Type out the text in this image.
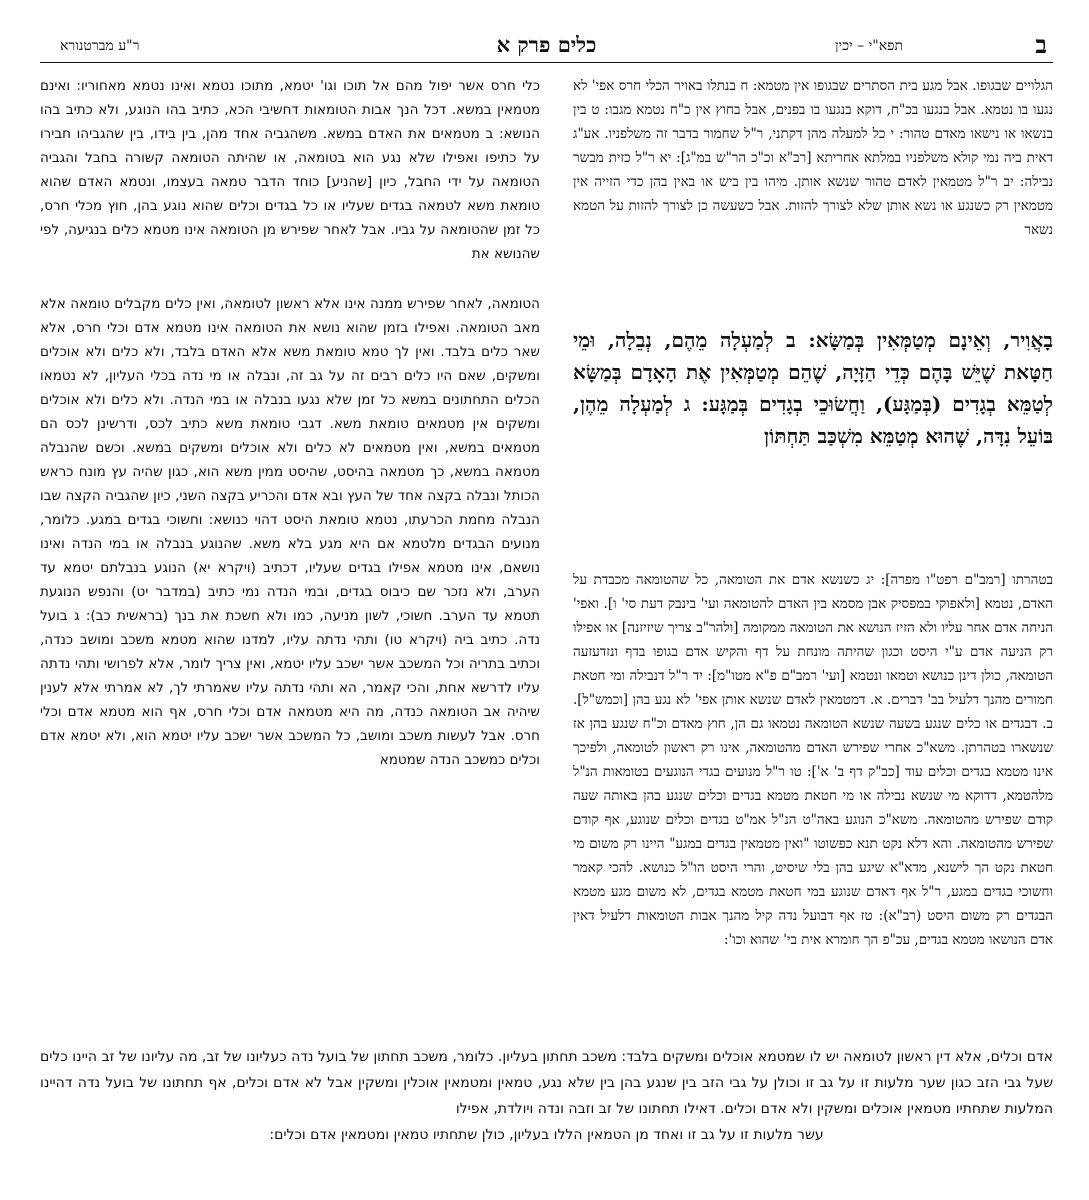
ב
תפא"י – יכין
כלים פרק א
ר"ע מברטנורא
הגלויים שבגופו. אבל מגע בית הסתרים שבגופו אין מטמא: ח בנתלו באויר הכלי חרס אפי' לא נגעו בו נטמא. אבל בנגעו בכ"ח, דוקא בנגעו בו בפנים, אבל בחוץ אין כ"ח נטמא מגבו: ט בין בנשאו או נישאו מאדם טהור: י כל למעלה מהן דקתני, ר"ל שחמור בדבר זה משלפניו. אע"ג דאית ביה נמי קולא משלפניו במלתא אחריתא [רב"א וכ"כ הר"ש במ"ג]: יא ר"ל כזית מבשר נבילה: יב ר"ל מטמאין לאדם טהור שנשא אותן. מיהו בין ביש או באין בהן כדי הזייה אין מטמאין רק כשנגע או נשא אותן שלא לצורך להזות. אבל כשעשה כן לצורך להזות על הטמא נשאר
בָאֲוִיר, וְאֵינָם מְטַמְּאִין בְּמַשָּׂא: ב לְמַעְלָה מֵהֶם, נְבֵלָה, וּמֵי חַטָּאת שֶׁיֵּשׁ בָּהֶם כְּדֵי הַזָּיָה, שֶׁהֵם מְטַמְּאִין אֶת הָאָדָם בְּמַשָּׂא לְטַמֵּא בְגָדִים (בְּמַגָּע), וַחֲשׂוּכֵי בְגָדִים בְּמַגָּע: ג לְמַעְלָה מֵהֶן, בּוֹעֵל נִדָּה, שֶׁהוּא מְטַמֵּא מִשְׁכַּב תַּחְתּוֹן
בטהרתו [רמב"ם רפט"ו מפרה]: יג כשנשא אדם את הטומאה, כל שהטומאה מכבדת על האדם, נטמא [ולאפוקי במפסיק אבן מסמא בין האדם להטומאה ועי' בינבק דעת סי' ו]. ואפי' הניחה אדם אחר עליו ולא הזיז הנושא את הטומאה ממקומה [ולהר"ב צריך שיזיזנה] או אפילו רק הניעה אדם ע"י היסט וכגון שהיתה מונחת על דף והקיש אדם בגופו בדף ונזדעזעה הטומאה, כולן דינן כנושא וטמאו ונטמא [ועי' רמב"ם פ"א מטו"מ]: יד ר"ל דנבילה ומי חטאת חמורים מהנך דלעיל בב' דברים. א. דמטמאין לאדם שנשא אותן אפי' לא נגע בהן [וכמש"ל]. ב. דבגדים או כלים שנגע בשעה שנשא הטומאה נטמאו גם הן, חוץ מאדם וכ"ח שנגע בהן אז שנשארו בטהרתן. משא"כ אחרי שפירש האדם מהטומאה, אינו רק ראשון לטומאה, ולפיכך אינו מטמא בגדים וכלים עוד [כב"ק דף ב' א']: טו ר"ל מנועים בגדי הנוגעים בטומאות הנ"ל מלהטמא, דדוקא מי שנשא נבילה או מי חטאת מטמא בגדים וכלים שנגע בהן באותה שעה קודם שפירש מהטומאה. משא"כ הנוגע באה"ט הנ"ל אמ"ט בגדים וכלים שנוגע, אף קודם שפירש מהטומאה. והא דלא נקט תנא כפשוטו "ואין מטמאין בגדים במגע" היינו רק משום מי חטאת נקט הך לישנא, מדא"א שיגע בהן בלי שיסיט, והרי היסט הו"ל כנושא. להכי קאמר וחשוכי בגדים במגע, ר"ל אף דאדם שנוגע במי חטאת מטמא בגדים, לא משום מגע מטמא הבגדים רק משום היסט (רב"א): טז אף דבועל נדה קיל מהנך אבות הטומאות דלעיל דאין אדם הנושאו מטמא בגדים, עכ"פ הך חומרא אית בי' שהוא וכו':
כלי חרס אשר יפול מהם אל תוכו וגו' יטמא, מתוכו נטמא ואינו נטמא מאחוריו: ואינם מטמאין במשא. דכל הנך אבות הטומאות דחשיבי הכא, כתיב בהו הנוגע, ולא כתיב בהו הנושא: ב מטמאים את האדם במשא. משהגביה אחד מהן, בין בידו, בין שהגביהו חבירו על כתיפו ואפילו שלא נגע הוא בטומאה, או שהיתה הטומאה קשורה בחבל והגביה הטומאה על ידי החבל, כיון [שהניע] כוחד הדבר טמאה בעצמו, ונטמא האדם שהוא טומאת משא לטמאה בגדים שעליו או כל בגדים וכלים שהוא נוגע בהן, חוץ מכלי חרס, כל זמן שהטומאה על גביו. אבל לאחר שפירש מן הטומאה אינו מטמא כלים בנגיעה, לפי שהנושא את
הטומאה, לאחר שפירש ממנה אינו אלא ראשון לטומאה, ואין כלים מקבלים טומאה אלא מאב הטומאה. ואפילו בזמן שהוא נושא את הטומאה אינו מטמא אדם וכלי חרס, אלא שאר כלים בלבד. ואין לך טמא טומאת משא אלא האדם בלבד, ולא כלים ולא אוכלים ומשקים, שאם היו כלים רבים זה על גב זה, ונבלה או מי נדה בכלי העליון, לא נטמאו הכלים התחתונים במשא כל זמן שלא נגעו בנבלה או במי הנדה. ולא כלים ולא אוכלים ומשקים אין מטמאים טומאת משא. דגבי טומאת משא כתיב לכס, ודרשינן לכס הם מטמאים במשא, ואין מטמאים לא כלים ולא אוכלים ומשקים במשא. וכשם שהנבלה מטמאה במשא, כך מטמאה בהיסט, שהיסט ממין משא הוא, כגון שהיה עץ מונח כראש הכותל ונבלה בקצה אחד של העץ ובא אדם והכריע בקצה השני, כיון שהגביה הקצה שבו הנבלה מחמת הכרעתו, נטמא טומאת היסט דהוי כנושא: וחשוכי בגדים במגע. כלומר, מנועים הבגדים מלטמא אם היא מגע בלא משא. שהנוגע בנבלה או במי הנדה ואינו נושאם, אינו מטמא אפילו בגדים שעליו, דכתיב (ויקרא יא) הנוגע בנבלתם יטמא עד הערב, ולא נזכר שם כיבוס בגדים, ובמי הנדה נמי כתיב (במדבר יט) והנפש הנוגעת תטמא עד הערב. חשוכי, לשון מניעה, כמו ולא חשכת את בנך (בראשית כב): ג בועל נדה. כתיב ביה (ויקרא טו) ותהי נדתה עליו, למדנו שהוא מטמא משכב ומושב כנדה, וכתיב בתריה וכל המשכב אשר ישכב עליו יטמא, ואין צריך לומר, אלא לפרושי ותהי נדתה עליו לדרשא אחת, והכי קאמר, הא ותהי נדתה עליו שאמרתי לך, לא אמרתי אלא לענין שיהיה אב הטומאה כנדה, מה היא מטמאה אדם וכלי חרס, אף הוא מטמא אדם וכלי חרס. אבל לעשות משכב ומושב, כל המשכב אשר ישכב עליו יטמא הוא, ולא יטמא אדם וכלים כמשכב הנדה שמטמא
אדם וכלים, אלא דין ראשון לטומאה יש לו שמטמא אוכלים ומשקים בלבד: משכב תחתון בעליון. כלומר, משכב תחתון של בועל נדה כעליונו של זב, מה עליונו של זב היינו כלים שעל גבי הזב כגון שער מלעות זו על גב זו וכולן על גבי הזב בין שנגע בהן בין שלא נגע, טמאין ומטמאין אוכלין ומשקין אבל לא אדם וכלים, אף תחתונו של בועל נדה דהיינו המלעות שתחתיו מטמאין אוכלים ומשקין ולא אדם וכלים. דאילו תחתונו של זב וזבה ונדה ויולדת, אפילו
עשר מלעות זו על גב זו ואחד מן הטמאין הללו בעליון, כולן שתחתיו טמאין ומטמאין אדם וכלים:
